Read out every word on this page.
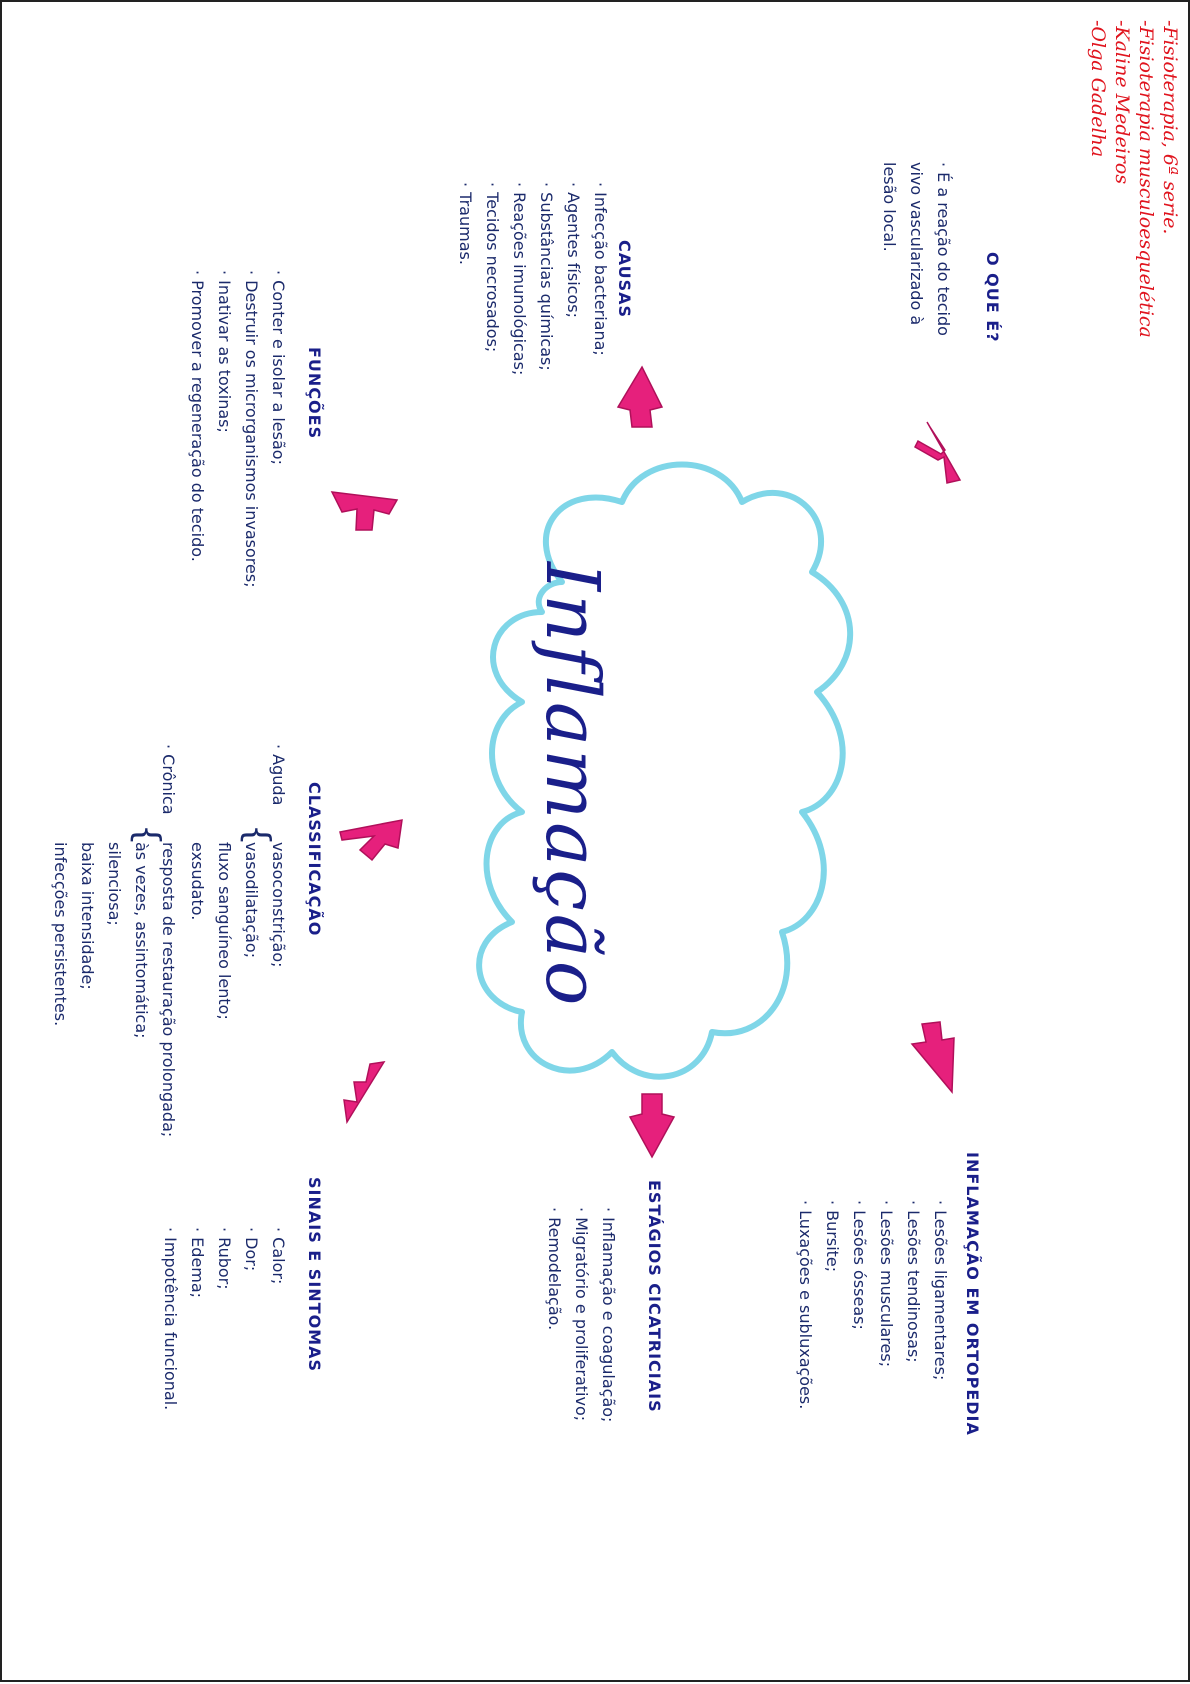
-Fisioterapia, 6ª serie.
-Fisioterapia musculoesquelética
-Kaline Medeiros
-Olga Gadelha
O QUE É?
· É a reação do tecido
vivo vascularizado à
lesão local.
CAUSAS
· Infecção bacteriana;
· Agentes físicos;
· Substâncias químicas;
· Reações imunológicas;
· Tecidos necrosados;
· Traumas.
FUNÇÕES
· Conter e isolar a lesão;
· Destruir os microrganismos invasores;
· Inativar as toxinas;
· Promover a regeneração do tecido.
Inflamação
CLASSIFICAÇÃO
· Aguda
{
vasoconstrição;
vasodilatação;
fluxo sanguíneo lento;
exsudato.
· Crônica
{
resposta de restauração prolongada;
às vezes, assintomática;
silenciosa;
baixa intensidade;
infecções persistentes.
INFLAMAÇÃO EM ORTOPEDIA
· Lesões ligamentares;
· Lesões tendinosas;
· Lesões musculares;
· Lesões ósseas;
· Bursite;
· Luxações e subluxações.
ESTÁGIOS CICATRICIAIS
· Inflamação e coagulação;
· Migratório e proliferativo;
· Remodelação.
SINAIS E SINTOMAS
· Calor;
· Dor;
· Rubor;
· Edema;
· Impotência funcional.
